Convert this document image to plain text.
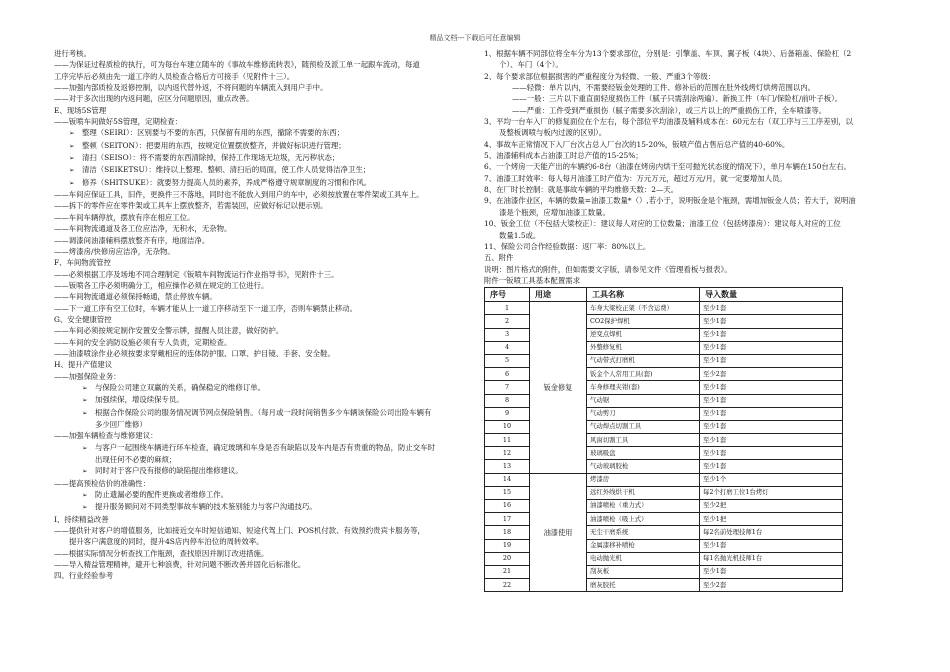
精品文档---下载后可任意编辑

进行考核。

——为保证过程质检的执行，可为每台车建立随车的《事故车维修流转表》，随预检及派工单一起跟车流动，每道

工序完毕后必须由先一道工序的人员检查合格后方可接手（见附件十三）。

——加强内部质检及返修控制，以内返代替外返，不将问题的车辆流入到用户手中。

——对于多次出现的内返问题，应区分问题原因，重点改善。

E、现场5S管理

——钣喷车间做好5S管理，定期检查：

➢ 整理（SEIRI）：区别要与不要的东西，只保留有用的东西，撤除不需要的东西；

➢ 整顿（SEITON）：把要用的东西，按规定位置摆放整齐，并做好标识进行管理；

➢ 清扫（SEISO）：将不需要的东西清除掉，保持工作现场无垃圾，无污秽状态；

➢ 清洁（SEIKETSU）：维持以上整理、整顿、清扫后的局面，使工作人员觉得洁净卫生；

➢ 修养（SHITSUKE）：就要努力提高人员的素养，养成严格遵守规章制度的习惯和作风。

——车间应保证工具，旧件，更换件三不落地，同时也不能放入到用户的车中，必须按放置在零件架或工具车上。

——拆下的零件应在零件架或工具车上摆放整齐，若需装回，应做好标记以便示别。

——车间车辆停放，摆放有序在相应工位。

——车间物流通道及各工位应洁净，无积水，无杂物。

——调漆间油漆辅料摆放整齐有序，地面洁净。

——烤漆房/快修房应洁净，无杂物。

F、车间物流管控

——必须根据工序及场地不同合理制定《钣喷车间物流运行作业指导书》，见附件十三。

——钣喷各工序必须明确分工，相应操作必须在规定的工位进行。

——车间物流通道必须保持畅通，禁止停放车辆。

——下一道工序有空工位时，车辆才能从上一道工序移动至下一道工序，否则车辆禁止移动。

G、安全健康管控

——车间必须按规定制作安置安全警示牌，提醒人员注意，做好防护。

——车间的安全消防设施必须有专人负责，定期检查。

——油漆喷涂作业必须按要求穿戴相应的连体防护服、口罩、护目镜、手套、安全鞋。

H、提升产值建议

——加强保险业务：

➢ 与保险公司建立双赢的关系，确保稳定的维修订单。

➢ 加强续保，增设续保专员。

➢ 根据合作保险公司的服务情况调节网点保险销售。（每月或一段时间销售多少车辆该保险公司出险车辆有

多少回厂维修）

——加强车辆检查与维修建议：

➢ 与客户一起围绕车辆进行环车检查，确定玻璃和车身是否有缺陷以及车内是否有贵重的物品，防止交车时

出现任何不必要的麻烦；

➢ 同时对于客户没有报修的缺陷提出维修建议。

——提高预检估价的准确性：

➢ 防止遗漏必要的配件更换或者维修工作。

➢ 提升服务顾问对不同类型事故车辆的技术鉴别能力与客户沟通技巧。

I、持续精益改善

——提供针对客户的增值服务，比如接近交车时短信通知、短途代驾上门、POS机付款、有效预约贵宾卡服务等，

提升客户满意度的同时，提升4S店内停车泊位的周转效率。

——根据实际情况分析查找工作瓶颈，查找原因并制订改进措施。

——导入精益管理精神，避开七种浪费，针对问题不断改善并固化后标准化。

四、行业经验参考

1、根据车辆不同部位将全车分为13个要求部位，分别是：引擎盖、车顶、翼子板（4块）、后备箱盖、保险杠（2

个）、车门（4个）。

2、每个要求部位根据损害的严重程度分为轻微、一般、严重3个等级：

——轻微：单片以内，不需要经钣金处理的工件、修补后的范围在肚外线烤灯烘烤范围以内。

——一般：三片以下重直面轻度损伤工件（腻子只需刮涂两遍）、新换工件（车门/保险杠/前叶子板）。

——严重：工件受到严重损伤（腻子需要多次刮涂），或三片以上的严重损伤工件，全车喷漆等。

3、平均一台车入厂的修复面位在个左右，每个部位平均油漆及辅料成本在：60元左右（双工序与三工序差别，以

及整板调喷与板内过渡的区别）。

4、事故车正常情况下入厂台次占总入厂台次的15-20%，钣喷产值占售后总产值的40-60%。

5、油漆辅料成本占油漆工时总产值的15-25%；

6、一个烤房一天能产出的车辆约6-8台（油漆在烤房内烘干至可抛光状态度的情况下），单月车辆在150台左右。

7、油漆工时效率：每人每月油漆工时产值为：万元万元，超过万元/月，就一定要增加人员。

8、在厂时长控制：就是事故车辆的平均维修天数：2—天。

9、在油漆作业区，车辆的数量=油漆工数量*（）,若小于，说明钣金是个瓶颈，需增加钣金人员；若大于，说明油

漆是个瓶颈，应增加油漆工数量。

10、钣金工位（不包括大梁校正）：建议每人对应的工位数量；油漆工位（包括烤漆房）：建议每人对应的工位

数量1.5或。

11、保险公司合作经验数据：返厂率：80%以上。

五、附件

说明：图片格式的附件，但如需要文字版，请参见文件《管理看板与报表》。

附件一钣喷工具基本配置需求

序号	用途	工具名称	导入数量
1	钣金修复	车身大梁校正架（不含运费）	至少1套
2		CO2保护焊机	至少1套
3		逆变点焊机	至少1套
4		外整修复机	至少1套
5		气动带式打磨机	至少1套
6		钣金个人常用工具(套)	至少2套
7		车身修理夹钳(套)	至少1套
8		气动锯	至少1套
9		气动剪刀	至少1套
10		气动焊点切割工具	至少1套
11		风窗切割工具	至少1套
12		玻璃吸盘	至少1套
13		气动玻璃胶枪	至少1套
14	油漆使用	烤漆房	至少1个
15		远红外线烘干机	每2个打磨工位1台烤灯
16		油漆喷枪（重力式）	至少2把
17		油漆喷枪（吸上式）	至少1把
18		无尘干磨系统	每2名前处理技师1台
19		金属漆移补喷枪	至少1套
20		电动抛光机	每1名抛光机技师1台
21		刮灰板	至少1套
22		磨灰胶托	至少2套
